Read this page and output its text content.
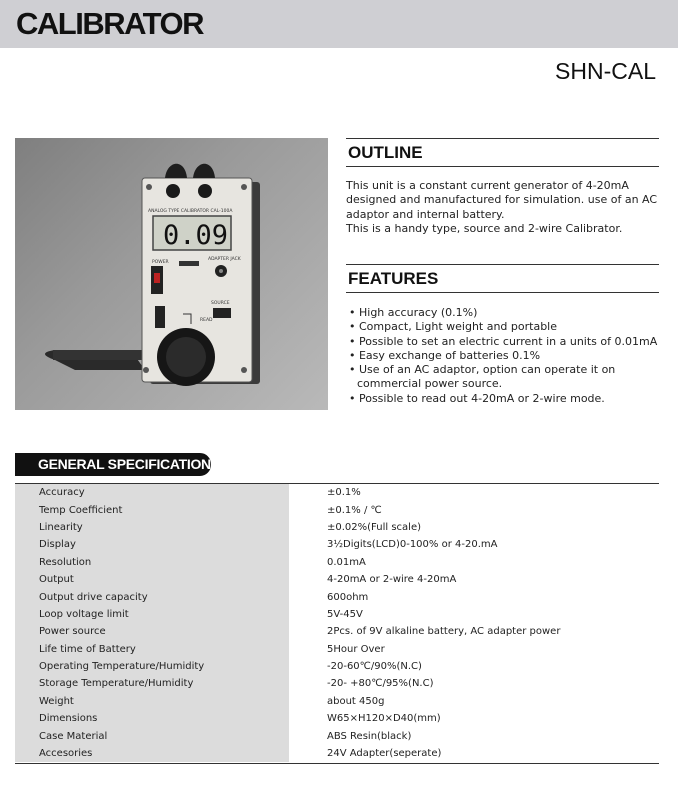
CALIBRATOR
SHN-CAL
ANALOG TYPE CALIBRATOR CAL-100A
0.09
POWER
ADAPTER JACK
SOURCE
READ
OUTLINE

This unit is a constant current generator of 4-20mA designed and manufactured for simulation. use of an AC adaptor and internal battery.

This is a handy type, source and 2-wire Calibrator.

FEATURES
• High accuracy (0.1%)
• Compact, Light weight and portable
• Possible to set an electric current in a units of 0.01mA
• Easy exchange of batteries 0.1%
• Use of an AC adaptor, option can operate it on commercial power source.
• Possible to read out 4-20mA or 2-wire mode.
GENERAL SPECIFICATIONS
Accuracy	±0.1%
Temp Coefficient	±0.1% / ℃
Linearity	±0.02%(Full scale)
Display	3½Digits(LCD)0-100% or 4-20.mA
Resolution	0.01mA
Output	4-20mA or 2-wire 4-20mA
Output drive capacity	600ohm
Loop voltage limit	5V-45V
Power source	2Pcs. of 9V alkaline battery, AC adapter power
Life time of Battery	5Hour Over
Operating Temperature/Humidity	-20-60℃/90%(N.C)
Storage Temperature/Humidity	-20- +80℃/95%(N.C)
Weight	about 450g
Dimensions	W65×H120×D40(mm)
Case Material	ABS Resin(black)
Accesories	24V Adapter(seperate)
